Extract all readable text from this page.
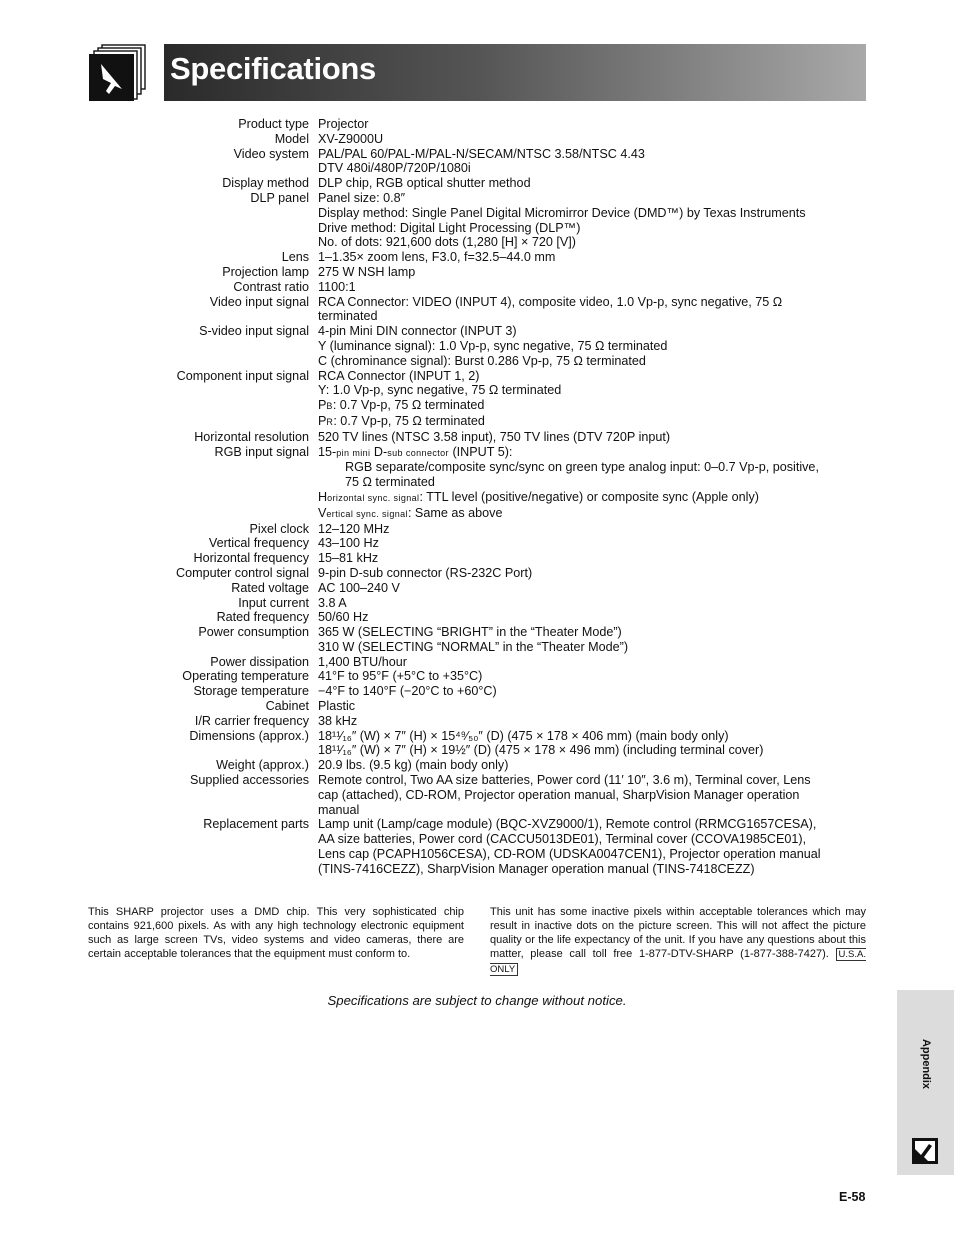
Specifications
Product type Projector
Model XV-Z9000U
Video system PAL/PAL 60/PAL-M/PAL-N/SECAM/NTSC 3.58/NTSC 4.43
DTV 480i/480P/720P/1080i
Display method DLP chip, RGB optical shutter method
DLP panel Panel size: 0.8″
Display method: Single Panel Digital Micromirror Device (DMD™) by Texas Instruments
Drive method: Digital Light Processing (DLP™)
No. of dots: 921,600 dots (1,280 [H] × 720 [V])
Lens 1–1.35× zoom lens, F3.0, f=32.5–44.0 mm
Projection lamp 275 W NSH lamp
Contrast ratio 1100:1
Video input signal RCA Connector: VIDEO (INPUT 4), composite video, 1.0 Vp-p, sync negative, 75 Ω
terminated
S-video input signal 4-pin Mini DIN connector (INPUT 3)
Y (luminance signal): 1.0 Vp-p, sync negative, 75 Ω terminated
C (chrominance signal): Burst 0.286 Vp-p, 75 Ω terminated
Component input signal RCA Connector (INPUT 1, 2)
Y: 1.0 Vp-p, sync negative, 75 Ω terminated
PB: 0.7 Vp-p, 75 Ω terminated
PR: 0.7 Vp-p, 75 Ω terminated
Horizontal resolution 520 TV lines (NTSC 3.58 input), 750 TV lines (DTV 720P input)
RGB input signal 15-pin mini D-sub connector (INPUT 5):
RGB separate/composite sync/sync on green type analog input: 0–0.7 Vp-p, positive,
75 Ω terminated
Horizontal sync. signal: TTL level (positive/negative) or composite sync (Apple only)
Vertical sync. signal: Same as above
Pixel clock 12–120 MHz
Vertical frequency 43–100 Hz
Horizontal frequency 15–81 kHz
Computer control signal 9-pin D-sub connector (RS-232C Port)
Rated voltage AC 100–240 V
Input current 3.8 A
Rated frequency 50/60 Hz
Power consumption 365 W (SELECTING “BRIGHT” in the “Theater Mode”)
310 W (SELECTING “NORMAL” in the “Theater Mode”)
Power dissipation 1,400 BTU/hour
Operating temperature 41°F to 95°F (+5°C to +35°C)
Storage temperature −4°F to 140°F (−20°C to +60°C)
Cabinet Plastic
I/R carrier frequency 38 kHz
Dimensions (approx.) 18¹¹⁄₁₆″ (W) × 7″ (H) × 15⁴⁹⁄₅₀″ (D) (475 × 178 × 406 mm) (main body only)
18¹¹⁄₁₆″ (W) × 7″ (H) × 19½″ (D) (475 × 178 × 496 mm) (including terminal cover)
Weight (approx.) 20.9 lbs. (9.5 kg) (main body only)
Supplied accessories Remote control, Two AA size batteries, Power cord (11′ 10″, 3.6 m), Terminal cover, Lens
cap (attached), CD-ROM, Projector operation manual, SharpVision Manager operation
manual
Replacement parts Lamp unit (Lamp/cage module) (BQC-XVZ9000/1), Remote control (RRMCG1657CESA),
AA size batteries, Power cord (CACCU5013DE01), Terminal cover (CCOVA1985CE01),
Lens cap (PCAPH1056CESA), CD-ROM (UDSKA0047CEN1), Projector operation manual
(TINS-7416CEZZ), SharpVision Manager operation manual (TINS-7418CEZZ)
This SHARP projector uses a DMD chip. This very sophisticated chip contains 921,600 pixels. As with any high technology electronic equipment such as large screen TVs, video systems and video cameras, there are certain acceptable tolerances that the equipment must conform to.
This unit has some inactive pixels within acceptable tolerances which may result in inactive dots on the picture screen. This will not affect the picture quality or the life expectancy of the unit. If you have any questions about this matter, please call toll free 1-877-DTV-SHARP (1-877-388-7427). U.S.A. ONLY
Specifications are subject to change without notice.
Appendix
E-58
